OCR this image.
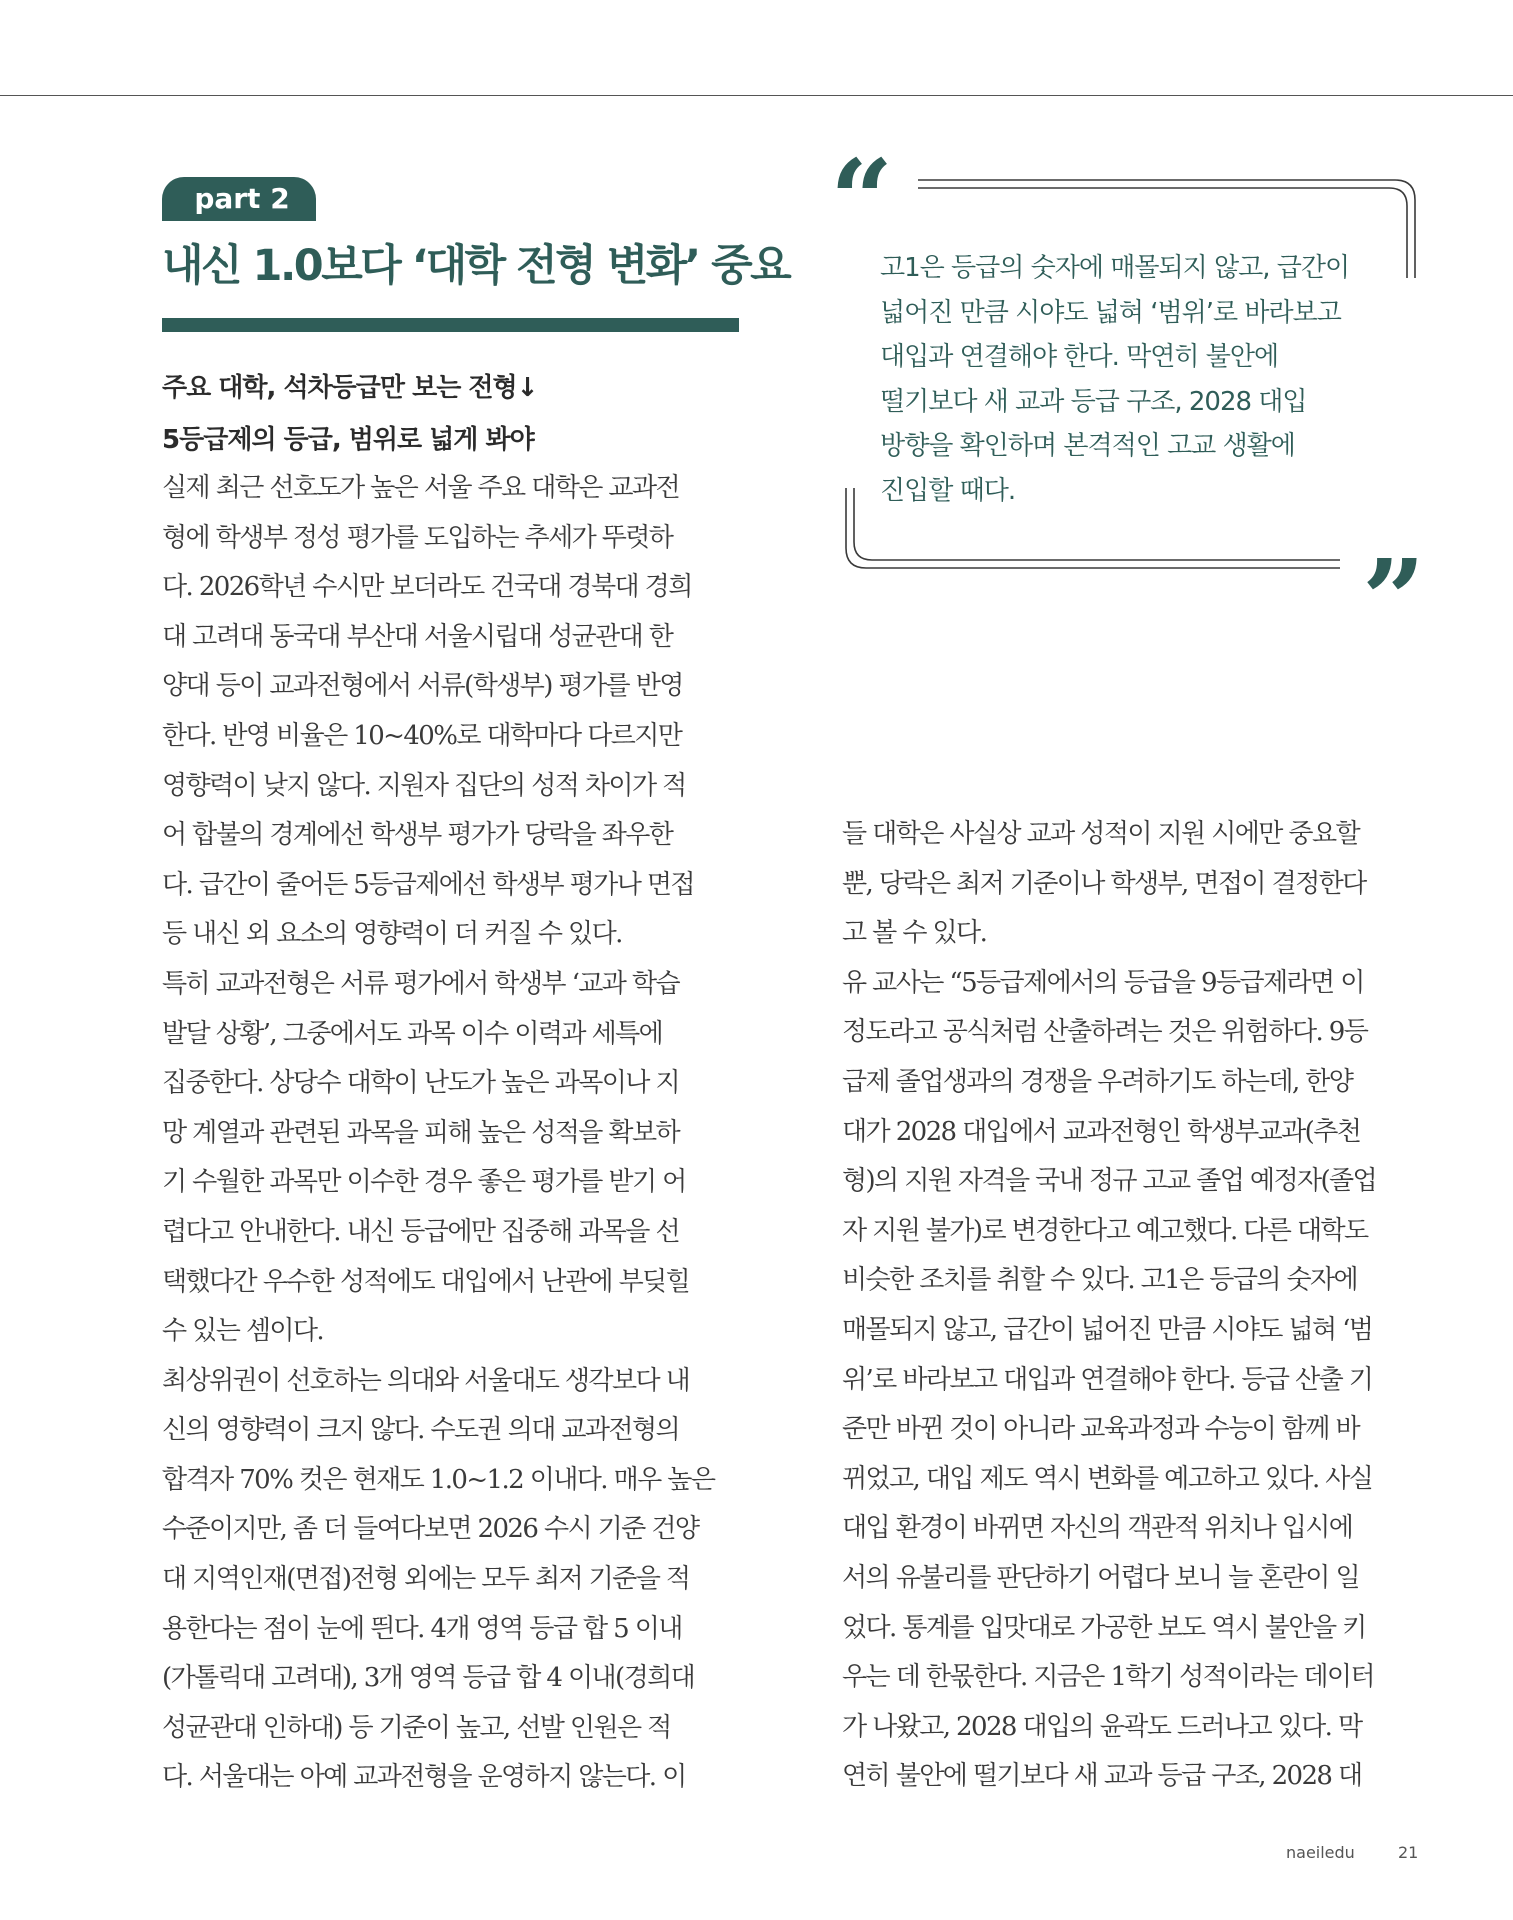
part 2
내신 1.0보다 ‘대학 전형 변화’ 중요
주요 대학, 석차등급만 보는 전형↓
5등급제의 등급, 범위로 넓게 봐야
실제 최근 선호도가 높은 서울 주요 대학은 교과전
형에 학생부 정성 평가를 도입하는 추세가 뚜렷하
다. 2026학년 수시만 보더라도 건국대 경북대 경희
대 고려대 동국대 부산대 서울시립대 성균관대 한
양대 등이 교과전형에서 서류(학생부) 평가를 반영
한다. 반영 비율은 10~40%로 대학마다 다르지만
영향력이 낮지 않다. 지원자 집단의 성적 차이가 적
어 합불의 경계에선 학생부 평가가 당락을 좌우한
다. 급간이 줄어든 5등급제에선 학생부 평가나 면접
등 내신 외 요소의 영향력이 더 커질 수 있다.
특히 교과전형은 서류 평가에서 학생부 ‘교과 학습
발달 상황’, 그중에서도 과목 이수 이력과 세특에
집중한다. 상당수 대학이 난도가 높은 과목이나 지
망 계열과 관련된 과목을 피해 높은 성적을 확보하
기 수월한 과목만 이수한 경우 좋은 평가를 받기 어
렵다고 안내한다. 내신 등급에만 집중해 과목을 선
택했다간 우수한 성적에도 대입에서 난관에 부딪힐
수 있는 셈이다.
최상위권이 선호하는 의대와 서울대도 생각보다 내
신의 영향력이 크지 않다. 수도권 의대 교과전형의
합격자 70% 컷은 현재도 1.0~1.2 이내다. 매우 높은
수준이지만, 좀 더 들여다보면 2026 수시 기준 건양
대 지역인재(면접)전형 외에는 모두 최저 기준을 적
용한다는 점이 눈에 띈다. 4개 영역 등급 합 5 이내
(가톨릭대 고려대), 3개 영역 등급 합 4 이내(경희대
성균관대 인하대) 등 기준이 높고, 선발 인원은 적
다. 서울대는 아예 교과전형을 운영하지 않는다. 이
“
”
고1은 등급의 숫자에 매몰되지 않고, 급간이
넓어진 만큼 시야도 넓혀 ‘범위’로 바라보고
대입과 연결해야 한다. 막연히 불안에
떨기보다 새 교과 등급 구조, 2028 대입
방향을 확인하며 본격적인 고교 생활에
진입할 때다.
들 대학은 사실상 교과 성적이 지원 시에만 중요할
뿐, 당락은 최저 기준이나 학생부, 면접이 결정한다
고 볼 수 있다.
유 교사는 “5등급제에서의 등급을 9등급제라면 이
정도라고 공식처럼 산출하려는 것은 위험하다. 9등
급제 졸업생과의 경쟁을 우려하기도 하는데, 한양
대가 2028 대입에서 교과전형인 학생부교과(추천
형)의 지원 자격을 국내 정규 고교 졸업 예정자(졸업
자 지원 불가)로 변경한다고 예고했다. 다른 대학도
비슷한 조치를 취할 수 있다. 고1은 등급의 숫자에
매몰되지 않고, 급간이 넓어진 만큼 시야도 넓혀 ‘범
위’로 바라보고 대입과 연결해야 한다. 등급 산출 기
준만 바뀐 것이 아니라 교육과정과 수능이 함께 바
뀌었고, 대입 제도 역시 변화를 예고하고 있다. 사실
대입 환경이 바뀌면 자신의 객관적 위치나 입시에
서의 유불리를 판단하기 어렵다 보니 늘 혼란이 일
었다. 통계를 입맛대로 가공한 보도 역시 불안을 키
우는 데 한몫한다. 지금은 1학기 성적이라는 데이터
가 나왔고, 2028 대입의 윤곽도 드러나고 있다. 막
연히 불안에 떨기보다 새 교과 등급 구조, 2028 대
naeiledu	21
